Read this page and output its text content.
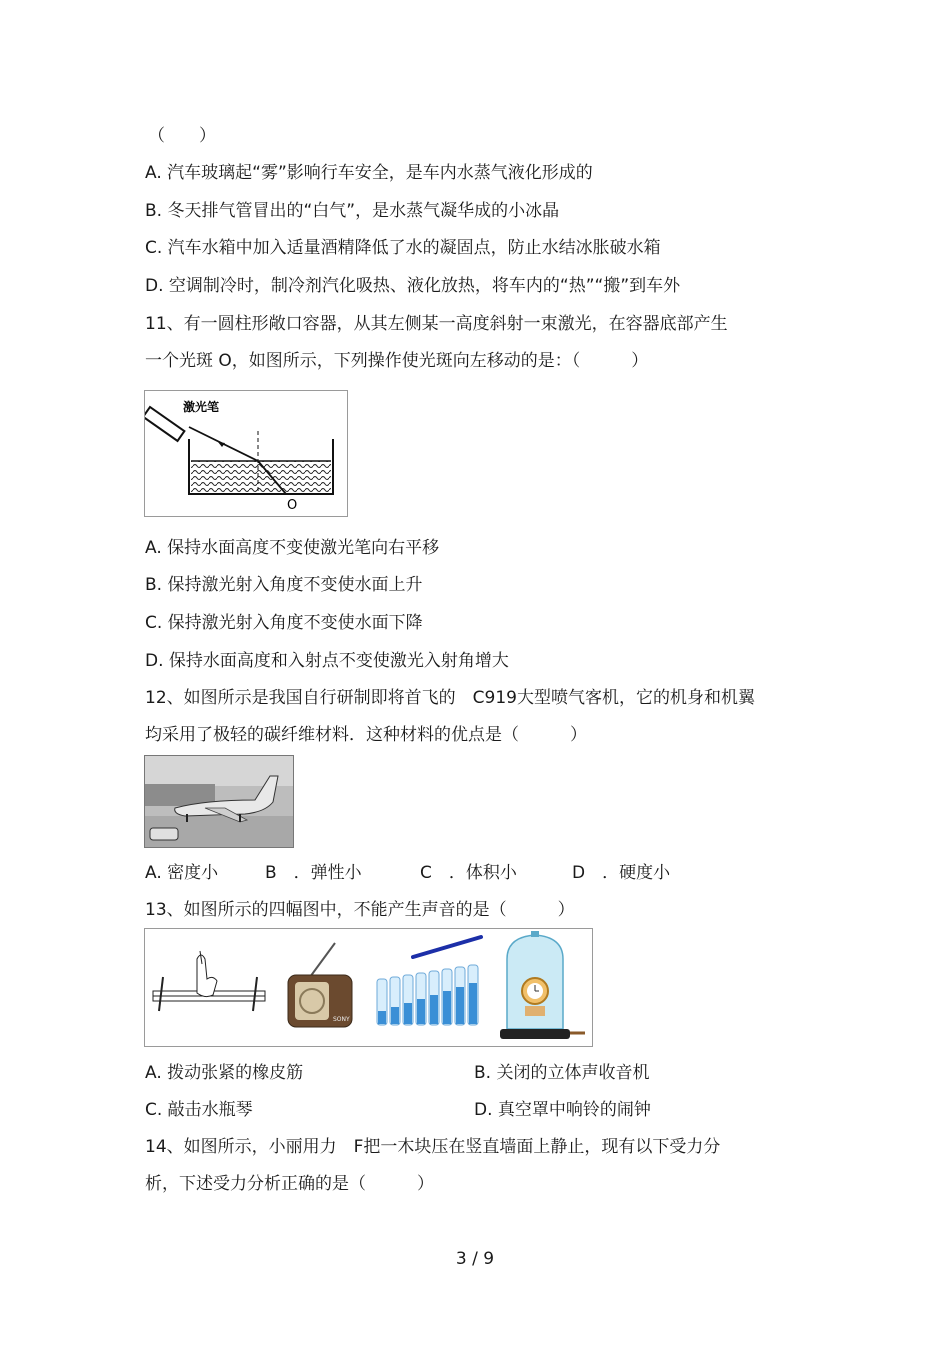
（　　）
A. 汽车玻璃起“雾”影响行车安全，是车内水蒸气液化形成的
B. 冬天排气管冒出的“白气”，是水蒸气凝华成的小冰晶
C. 汽车水箱中加入适量酒精降低了水的凝固点，防止水结冰胀破水箱
D. 空调制冷时，制冷剂汽化吸热、液化放热，将车内的“热”“搬”到车外
11、有一圆柱形敞口容器，从其左侧某一高度斜射一束激光，在容器底部产生
一个光斑 O，如图所示，下列操作使光斑向左移动的是：（　　　）
激光笔
O
A. 保持水面高度不变使激光笔向右平移
B. 保持激光射入角度不变使水面上升
C. 保持激光射入角度不变使水面下降
D. 保持水面高度和入射点不变使激光入射角增大
12、如图所示是我国自行研制即将首飞的　C919大型喷气客机，它的机身和机翼
均采用了极轻的碳纤维材料．这种材料的优点是（　　　）
A. 密度小	B　．弹性小	C　．体积小	D　．硬度小
13、如图所示的四幅图中，不能产生声音的是（　　　）
SONY
A. 拨动张紧的橡皮筋	B. 关闭的立体声收音机
C. 敲击水瓶琴	D. 真空罩中响铃的闹钟
14、如图所示，小丽用力　F把一木块压在竖直墙面上静止，现有以下受力分
析，下述受力分析正确的是（　　　）
3 / 9
